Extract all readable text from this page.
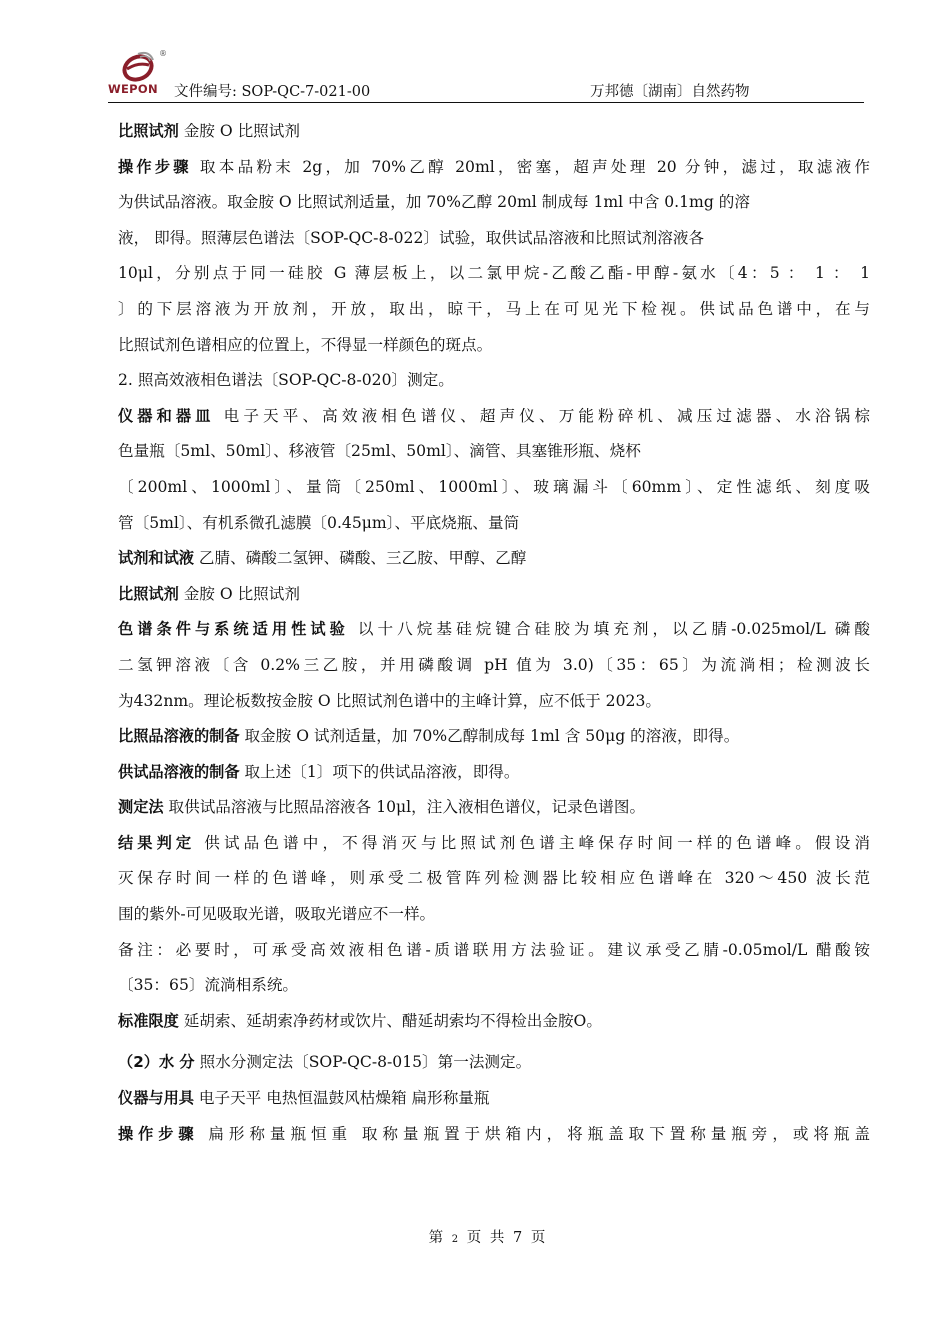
®
WEPON 文件编号: SOP-QC-7-021-00	万邦德〔湖南〕自然药物
比照试剂 金胺 O 比照试剂
操作步骤 取本品粉末 2g，加 70%乙醇 20ml，密塞，超声处理 20 分钟，滤过，取滤液作
为供试品溶液。取金胺 O 比照试剂适量，加 70%乙醇 20ml 制成每 1ml 中含 0.1mg 的溶
液， 即得。照薄层色谱法〔SOP-QC-8-022〕试验，取供试品溶液和比照试剂溶液各
10μl，分别点于同一硅胶 G 薄层板上，以二氯甲烷-乙酸乙酯-甲醇-氨水〔4：5 ： 1 ： 1
〕的下层溶液为开放剂，开放，取出，晾干，马上在可见光下检视。供试品色谱中，在与
比照试剂色谱相应的位置上，不得显一样颜色的斑点。
2. 照高效液相色谱法〔SOP-QC-8-020〕测定。
仪器和器皿 电子天平、高效液相色谱仪、超声仪、万能粉碎机、减压过滤器、水浴锅棕
色量瓶〔5ml、50ml〕、移液管〔25ml、50ml〕、滴管、具塞锥形瓶、烧杯
〔200ml、1000ml〕、量筒〔250ml、1000ml〕、玻璃漏斗〔60mm〕、定性滤纸、刻度吸
管〔5ml〕、有机系微孔滤膜〔0.45μm〕、平底烧瓶、量筒
试剂和试液 乙腈、磷酸二氢钾、磷酸、三乙胺、甲醇、乙醇
比照试剂 金胺 O 比照试剂
色谱条件与系统适用性试验 以十八烷基硅烷键合硅胶为填充剂，以乙腈-0.025mol/L 磷酸
二氢钾溶液〔含 0.2%三乙胺，并用磷酸调 pH 值为 3.0)〔35：65〕为流淌相；检测波长
为432nm。理论板数按金胺 O 比照试剂色谱中的主峰计算，应不低于 2023。
比照品溶液的制备 取金胺 O 试剂适量，加 70%乙醇制成每 1ml 含 50μg 的溶液，即得。
供试品溶液的制备 取上述〔1〕项下的供试品溶液，即得。
测定法 取供试品溶液与比照品溶液各 10μl，注入液相色谱仪，记录色谱图。
结果判定 供试品色谱中，不得消灭与比照试剂色谱主峰保存时间一样的色谱峰。假设消
灭保存时间一样的色谱峰，则承受二极管阵列检测器比较相应色谱峰在 320～450 波长范
围的紫外-可见吸取光谱，吸取光谱应不一样。
备注：必要时，可承受高效液相色谱-质谱联用方法验证。建议承受乙腈-0.05mol/L 醋酸铵
〔35：65〕流淌相系统。
标准限度 延胡索、延胡索净药材或饮片、醋延胡索均不得检出金胺O。
（2）水 分 照水分测定法〔SOP-QC-8-015〕第一法测定。
仪器与用具 电子天平 电热恒温鼓风枯燥箱 扁形称量瓶
操作步骤 扁形称量瓶恒重 取称量瓶置于烘箱内，将瓶盖取下置称量瓶旁，或将瓶盖
第 2 页 共 7 页
